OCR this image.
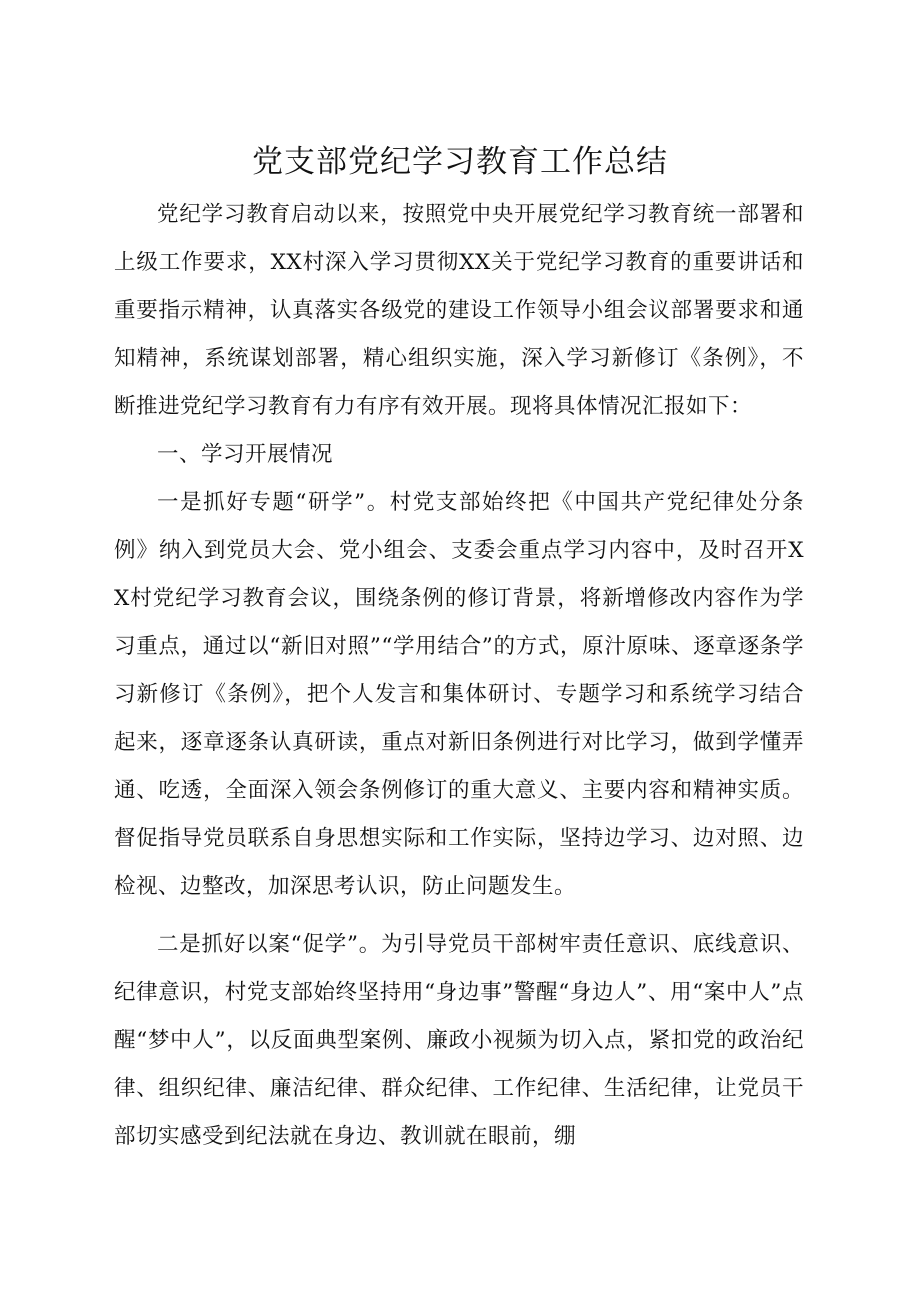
党支部党纪学习教育工作总结

党纪学习教育启动以来，按照党中央开展党纪学习教育统一部署和上级工作要求，XX村深入学习贯彻XX关于党纪学习教育的重要讲话和重要指示精神，认真落实各级党的建设工作领导小组会议部署要求和通知精神，系统谋划部署，精心组织实施，深入学习新修订《条例》，不断推进党纪学习教育有力有序有效开展。现将具体情况汇报如下：

一、学习开展情况

一是抓好专题“研学”。村党支部始终把《中国共产党纪律处分条例》纳入到党员大会、党小组会、支委会重点学习内容中，及时召开XX村党纪学习教育会议，围绕条例的修订背景，将新增修改内容作为学习重点，通过以“新旧对照”“学用结合”的方式，原汁原味、逐章逐条学习新修订《条例》，把个人发言和集体研讨、专题学习和系统学习结合起来，逐章逐条认真研读，重点对新旧条例进行对比学习，做到学懂弄通、吃透，全面深入领会条例修订的重大意义、主要内容和精神实质。督促指导党员联系自身思想实际和工作实际，坚持边学习、边对照、边检视、边整改，加深思考认识，防止问题发生。

二是抓好以案“促学”。为引导党员干部树牢责任意识、底线意识、纪律意识，村党支部始终坚持用“身边事”警醒“身边人”、用“案中人”点醒“梦中人”，以反面典型案例、廉政小视频为切入点，紧扣党的政治纪律、组织纪律、廉洁纪律、群众纪律、工作纪律、生活纪律，让党员干部切实感受到纪法就在身边、教训就在眼前，绷
